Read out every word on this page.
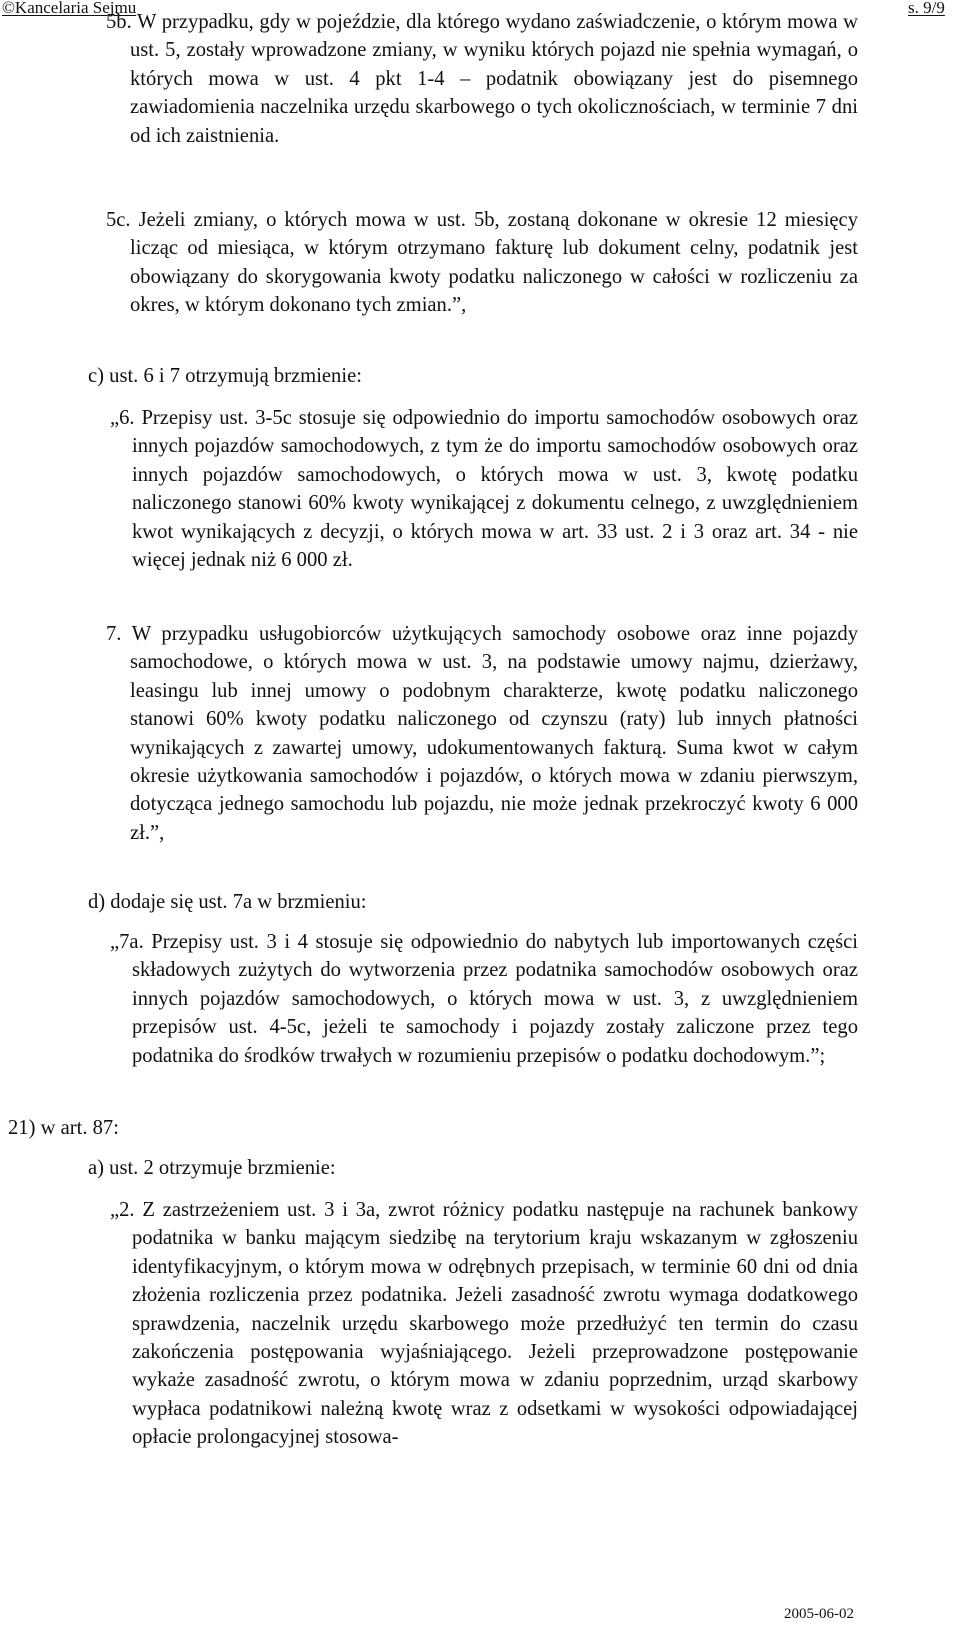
©Kancelaria Sejmu	s. 9/9

5b. W przypadku, gdy w pojeździe, dla którego wydano zaświadczenie, o którym mowa w ust. 5, zostały wprowadzone zmiany, w wyniku których pojazd nie spełnia wymagań, o których mowa w ust. 4 pkt 1-4 – podatnik obowiązany jest do pisemnego zawiadomienia naczelnika urzędu skarbowego o tych okolicznościach, w terminie 7 dni od ich zaistnienia.

5c. Jeżeli zmiany, o których mowa w ust. 5b, zostaną dokonane w okresie 12 miesięcy licząc od miesiąca, w którym otrzymano fakturę lub dokument celny, podatnik jest obowiązany do skorygowania kwoty podatku naliczonego w całości w rozliczeniu za okres, w którym dokonano tych zmian.”,

c) ust. 6 i 7 otrzymują brzmienie:

„6. Przepisy ust. 3-5c stosuje się odpowiednio do importu samochodów osobowych oraz innych pojazdów samochodowych, z tym że do importu samochodów osobowych oraz innych pojazdów samochodowych, o których mowa w ust. 3, kwotę podatku naliczonego stanowi 60% kwoty wynikającej z dokumentu celnego, z uwzględnieniem kwot wynikających z decyzji, o których mowa w art. 33 ust. 2 i 3 oraz art. 34 - nie więcej jednak niż 6 000 zł.

7. W przypadku usługobiorców użytkujących samochody osobowe oraz inne pojazdy samochodowe, o których mowa w ust. 3, na podstawie umowy najmu, dzierżawy, leasingu lub innej umowy o podobnym charakterze, kwotę podatku naliczonego stanowi 60% kwoty podatku naliczonego od czynszu (raty) lub innych płatności wynikających z zawartej umowy, udokumentowanych fakturą. Suma kwot w całym okresie użytkowania samochodów i pojazdów, o których mowa w zdaniu pierwszym, dotycząca jednego samochodu lub pojazdu, nie może jednak przekroczyć kwoty 6 000 zł.”,

d) dodaje się ust. 7a w brzmieniu:

„7a. Przepisy ust. 3 i 4 stosuje się odpowiednio do nabytych lub importowanych części składowych zużytych do wytworzenia przez podatnika samochodów osobowych oraz innych pojazdów samochodowych, o których mowa w ust. 3, z uwzględnieniem przepisów ust. 4-5c, jeżeli te samochody i pojazdy zostały zaliczone przez tego podatnika do środków trwałych w rozumieniu przepisów o podatku dochodowym.”;

21) w art. 87:
a) ust. 2 otrzymuje brzmienie:

„2. Z zastrzeżeniem ust. 3 i 3a, zwrot różnicy podatku następuje na rachunek bankowy podatnika w banku mającym siedzibę na terytorium kraju wskazanym w zgłoszeniu identyfikacyjnym, o którym mowa w odrębnych przepisach, w terminie 60 dni od dnia złożenia rozliczenia przez podatnika. Jeżeli zasadność zwrotu wymaga dodatkowego sprawdzenia, naczelnik urzędu skarbowego może przedłużyć ten termin do czasu zakończenia postępowania wyjaśniającego. Jeżeli przeprowadzone postępowanie wykaże zasadność zwrotu, o którym mowa w zdaniu poprzednim, urząd skarbowy wypłaca podatnikowi należną kwotę wraz z odsetkami w wysokości odpowiadającej opłacie prolongacyjnej stosowa-

2005-06-02
